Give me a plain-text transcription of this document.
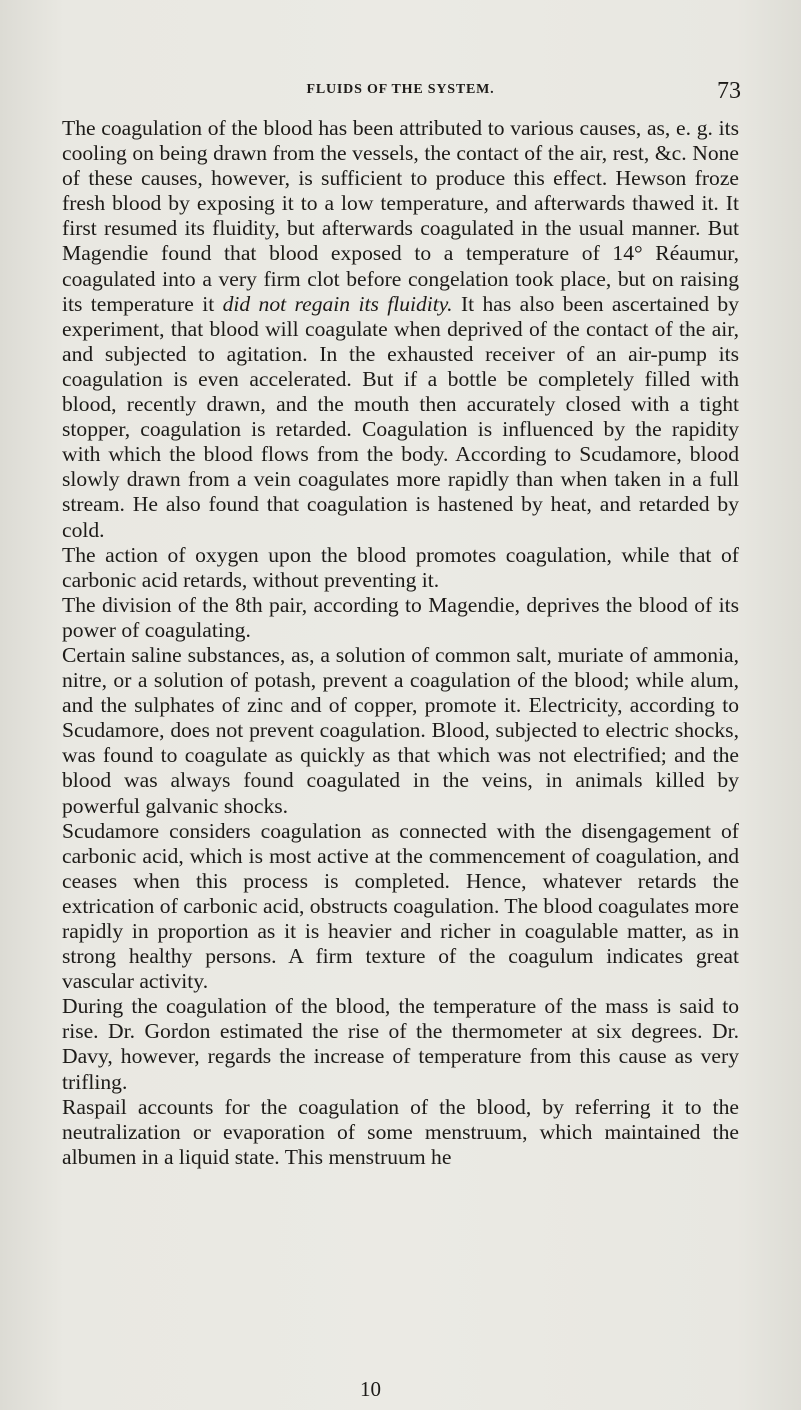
FLUIDS OF THE SYSTEM.	73

The coagulation of the blood has been attributed to various causes, as, e. g. its cooling on being drawn from the vessels, the contact of the air, rest, &c. None of these causes, however, is sufficient to produce this effect. Hewson froze fresh blood by exposing it to a low temperature, and afterwards thawed it. It first resumed its fluidity, but afterwards coagulated in the usual manner. But Magendie found that blood exposed to a temperature of 14° Réaumur, coagulated into a very firm clot before congelation took place, but on raising its temperature it did not regain its fluidity. It has also been ascertained by experiment, that blood will coagulate when deprived of the contact of the air, and subjected to agitation. In the exhausted receiver of an air-pump its coagulation is even accelerated. But if a bottle be completely filled with blood, recently drawn, and the mouth then accurately closed with a tight stopper, coagulation is retarded. Coagulation is influenced by the rapidity with which the blood flows from the body. According to Scudamore, blood slowly drawn from a vein coagulates more rapidly than when taken in a full stream. He also found that coagulation is hastened by heat, and retarded by cold.

The action of oxygen upon the blood promotes coagulation, while that of carbonic acid retards, without preventing it.

The division of the 8th pair, according to Magendie, deprives the blood of its power of coagulating.

Certain saline substances, as, a solution of common salt, muriate of ammonia, nitre, or a solution of potash, prevent a coagulation of the blood; while alum, and the sulphates of zinc and of copper, promote it. Electricity, according to Scudamore, does not prevent coagulation. Blood, subjected to electric shocks, was found to coagulate as quickly as that which was not electrified; and the blood was always found coagulated in the veins, in animals killed by powerful galvanic shocks.

Scudamore considers coagulation as connected with the disengagement of carbonic acid, which is most active at the commencement of coagulation, and ceases when this process is completed. Hence, whatever retards the extrication of carbonic acid, obstructs coagulation. The blood coagulates more rapidly in proportion as it is heavier and richer in coagulable matter, as in strong healthy persons. A firm texture of the coagulum indicates great vascular activity.

During the coagulation of the blood, the temperature of the mass is said to rise. Dr. Gordon estimated the rise of the thermometer at six degrees. Dr. Davy, however, regards the increase of temperature from this cause as very trifling.

Raspail accounts for the coagulation of the blood, by referring it to the neutralization or evaporation of some menstruum, which maintained the albumen in a liquid state. This menstruum he

10
